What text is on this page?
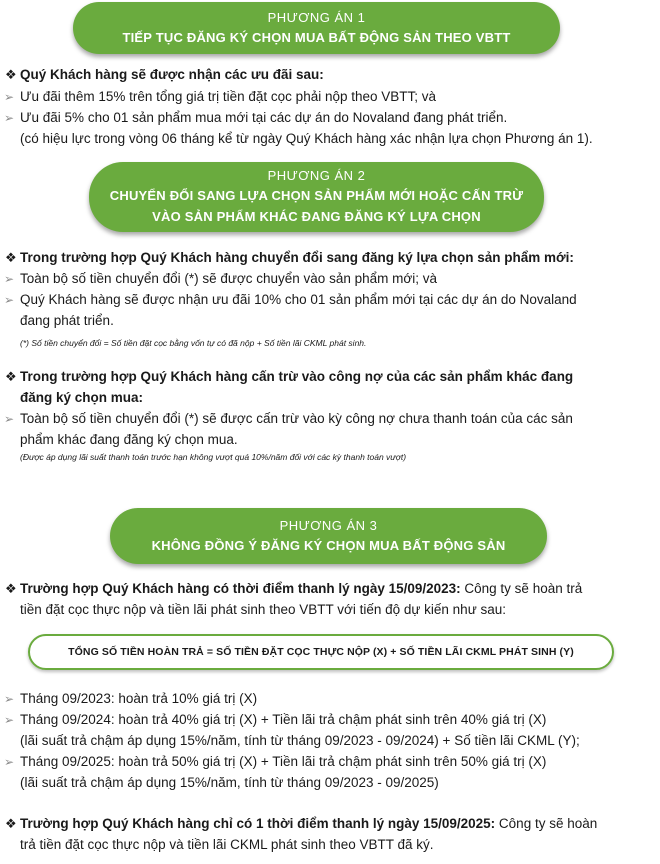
PHƯƠNG ÁN 1
TIẾP TỤC ĐĂNG KÝ CHỌN MUA BẤT ĐỘNG SẢN THEO VBTT
❖ Quý Khách hàng sẽ được nhận các ưu đãi sau:
➢ Ưu đãi thêm 15% trên tổng giá trị tiền đặt cọc phải nộp theo VBTT; và
➢ Ưu đãi 5% cho 01 sản phẩm mua mới tại các dự án do Novaland đang phát triển.
(có hiệu lực trong vòng 06 tháng kể từ ngày Quý Khách hàng xác nhận lựa chọn Phương án 1).
PHƯƠNG ÁN 2
CHUYỂN ĐỔI SANG LỰA CHỌN SẢN PHẨM MỚI HOẶC CẤN TRỪ
VÀO SẢN PHẨM KHÁC ĐANG ĐĂNG KÝ LỰA CHỌN
❖ Trong trường hợp Quý Khách hàng chuyển đổi sang đăng ký lựa chọn sản phẩm mới:
➢ Toàn bộ số tiền chuyển đổi (*) sẽ được chuyển vào sản phẩm mới; và
➢ Quý Khách hàng sẽ được nhận ưu đãi 10% cho 01 sản phẩm mới tại các dự án do Novaland
đang phát triển.
(*) Số tiền chuyển đổi = Số tiền đặt cọc bằng vốn tự có đã nộp + Số tiền lãi CKML phát sinh.
❖ Trong trường hợp Quý Khách hàng cấn trừ vào công nợ của các sản phẩm khác đang
đăng ký chọn mua:
➢ Toàn bộ số tiền chuyển đổi (*) sẽ được cấn trừ vào kỳ công nợ chưa thanh toán của các sản
phẩm khác đang đăng ký chọn mua.
(Được áp dụng lãi suất thanh toán trước hạn không vượt quá 10%/năm đối với các kỳ thanh toán vượt)
PHƯƠNG ÁN 3
KHÔNG ĐỒNG Ý ĐĂNG KÝ CHỌN MUA BẤT ĐỘNG SẢN
❖ Trường hợp Quý Khách hàng có thời điểm thanh lý ngày 15/09/2023: Công ty sẽ hoàn trả
tiền đặt cọc thực nộp và tiền lãi phát sinh theo VBTT với tiến độ dự kiến như sau:
TỔNG SỐ TIỀN HOÀN TRẢ = SỐ TIỀN ĐẶT CỌC THỰC NỘP (X) + SỐ TIỀN LÃI CKML PHÁT SINH (Y)
➢ Tháng 09/2023: hoàn trả 10% giá trị (X)
➢ Tháng 09/2024: hoàn trả 40% giá trị (X) + Tiền lãi trả chậm phát sinh trên 40% giá trị (X)
(lãi suất trả chậm áp dụng 15%/năm, tính từ tháng 09/2023 - 09/2024) + Số tiền lãi CKML (Y);
➢ Tháng 09/2025: hoàn trả 50% giá trị (X) + Tiền lãi trả chậm phát sinh trên 50% giá trị (X)
(lãi suất trả chậm áp dụng 15%/năm, tính từ tháng 09/2023 - 09/2025)
❖ Trường hợp Quý Khách hàng chỉ có 1 thời điểm thanh lý ngày 15/09/2025: Công ty sẽ hoàn
trả tiền đặt cọc thực nộp và tiền lãi CKML phát sinh theo VBTT đã ký.
